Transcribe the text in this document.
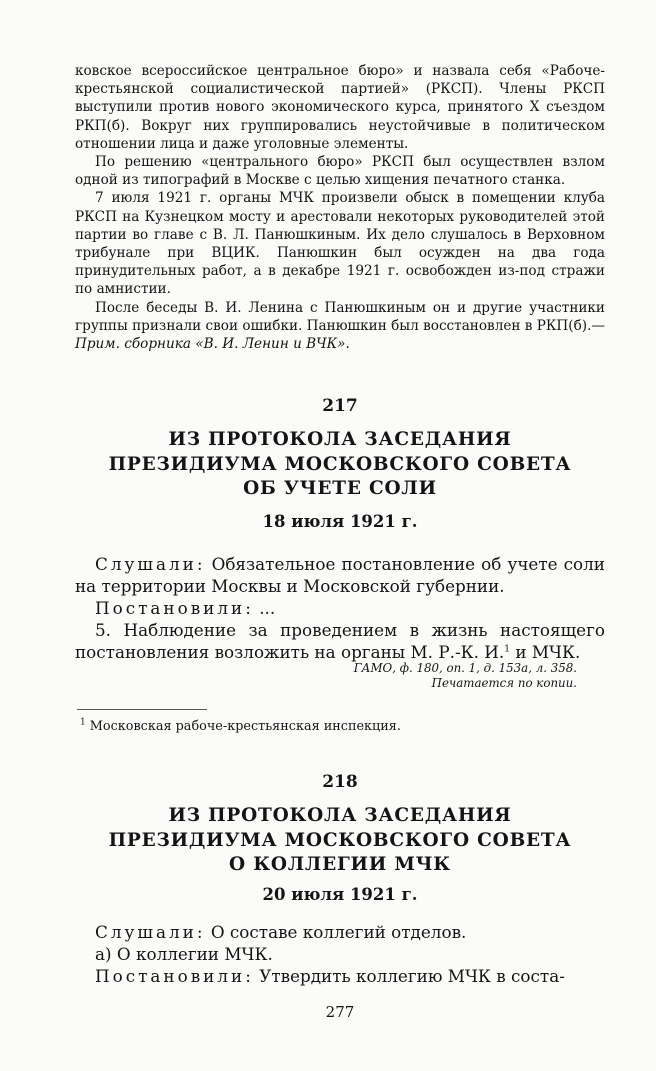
ковское всероссийское центральное бюро» и назвала себя «Рабоче-крестьянской социалистической партией» (РКСП). Члены РКСП выступили против нового экономического курса, принятого X съездом РКП(б). Вокруг них группировались неустойчивые в политическом отношении лица и даже уголовные элементы.

По решению «центрального бюро» РКСП был осуществлен взлом одной из типографий в Москве с целью хищения печатного станка.

7 июля 1921 г. органы МЧК произвели обыск в помещении клуба РКСП на Кузнецком мосту и арестовали некоторых руководителей этой партии во главе с В. Л. Панюшкиным. Их дело слушалось в Верховном трибунале при ВЦИК. Панюшкин был осужден на два года принудительных работ, а в декабре 1921 г. освобожден из-под стражи по амнистии.

После беседы В. И. Ленина с Панюшкиным он и другие участники группы признали свои ошибки. Панюшкин был восстановлен в РКП(б).— Прим. сборника «В. И. Ленин и ВЧК».

217
ИЗ ПРОТОКОЛА ЗАСЕДАНИЯ
ПРЕЗИДИУМА МОСКОВСКОГО СОВЕТА
ОБ УЧЕТЕ СОЛИ
18 июля 1921 г.

Слушали: Обязательное постановление об учете соли на территории Москвы и Московской губернии.

Постановили: ...

5. Наблюдение за проведением в жизнь настоящего постановления возложить на органы М. Р.-К. И.$^1$ и МЧК.

ГАМО, ф. 180, оп. 1, д. 153а, л. 358.
Печатается по копии.
$^1$ Московская рабоче-крестьянская инспекция.
218
ИЗ ПРОТОКОЛА ЗАСЕДАНИЯ
ПРЕЗИДИУМА МОСКОВСКОГО СОВЕТА
О КОЛЛЕГИИ МЧК
20 июля 1921 г.

Слушали: О составе коллегий отделов.

а) О коллегии МЧК.

Постановили: Утвердить коллегию МЧК в соста-

277
